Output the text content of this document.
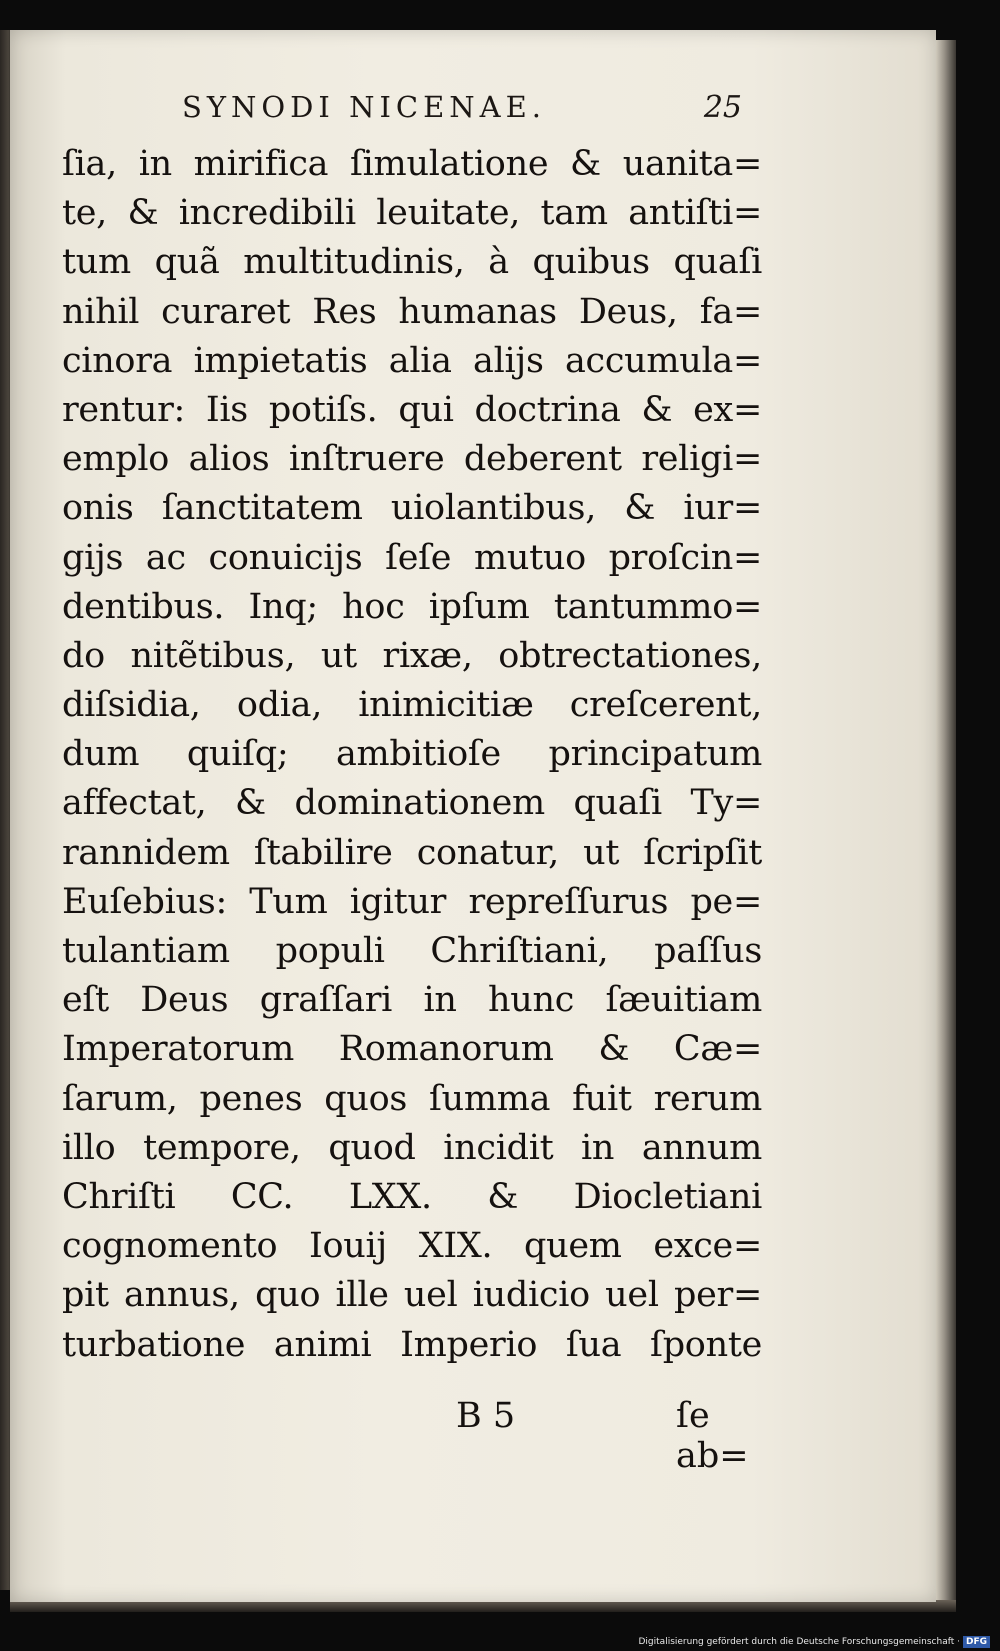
SYNODI NICENAE.	25
ſia, in mirifica ſimulatione & uanita=
te, & incredibili leuitate, tam antiſti=
tum quã multitudinis, à quibus quaſi
nihil curaret Res humanas Deus, fa=
cinora impietatis alia alijs accumula=
rentur: Iis potiſs. qui doctrina & ex=
emplo alios inſtruere deberent religi=
onis ſanctitatem uiolantibus, & iur=
gijs ac conuicijs ſeſe mutuo proſcin=
dentibus. Inq; hoc ipſum tantummo=
do nitẽtibus, ut rixæ, obtrectationes,
diſsidia, odia, inimicitiæ creſcerent,
dum quiſq; ambitioſe principatum
affectat, & dominationem quaſi Ty=
rannidem ſtabilire conatur, ut ſcripſit
Euſebius: Tum igitur repreſſurus pe=
tulantiam populi Chriſtiani, paſſus
eſt Deus graſſari in hunc ſæuitiam
Imperatorum Romanorum & Cæ=
ſarum, penes quos ſumma fuit rerum
illo tempore, quod incidit in annum
Chriſti CC. LXX. & Diocletiani
cognomento Iouij XIX. quem exce=
pit annus, quo ille uel iudicio uel per=
turbatione animi Imperio ſua ſponte
B 5	ſe ab=
Digitalisierung gefördert durch die Deutsche Forschungsgemeinschaft · DFG
